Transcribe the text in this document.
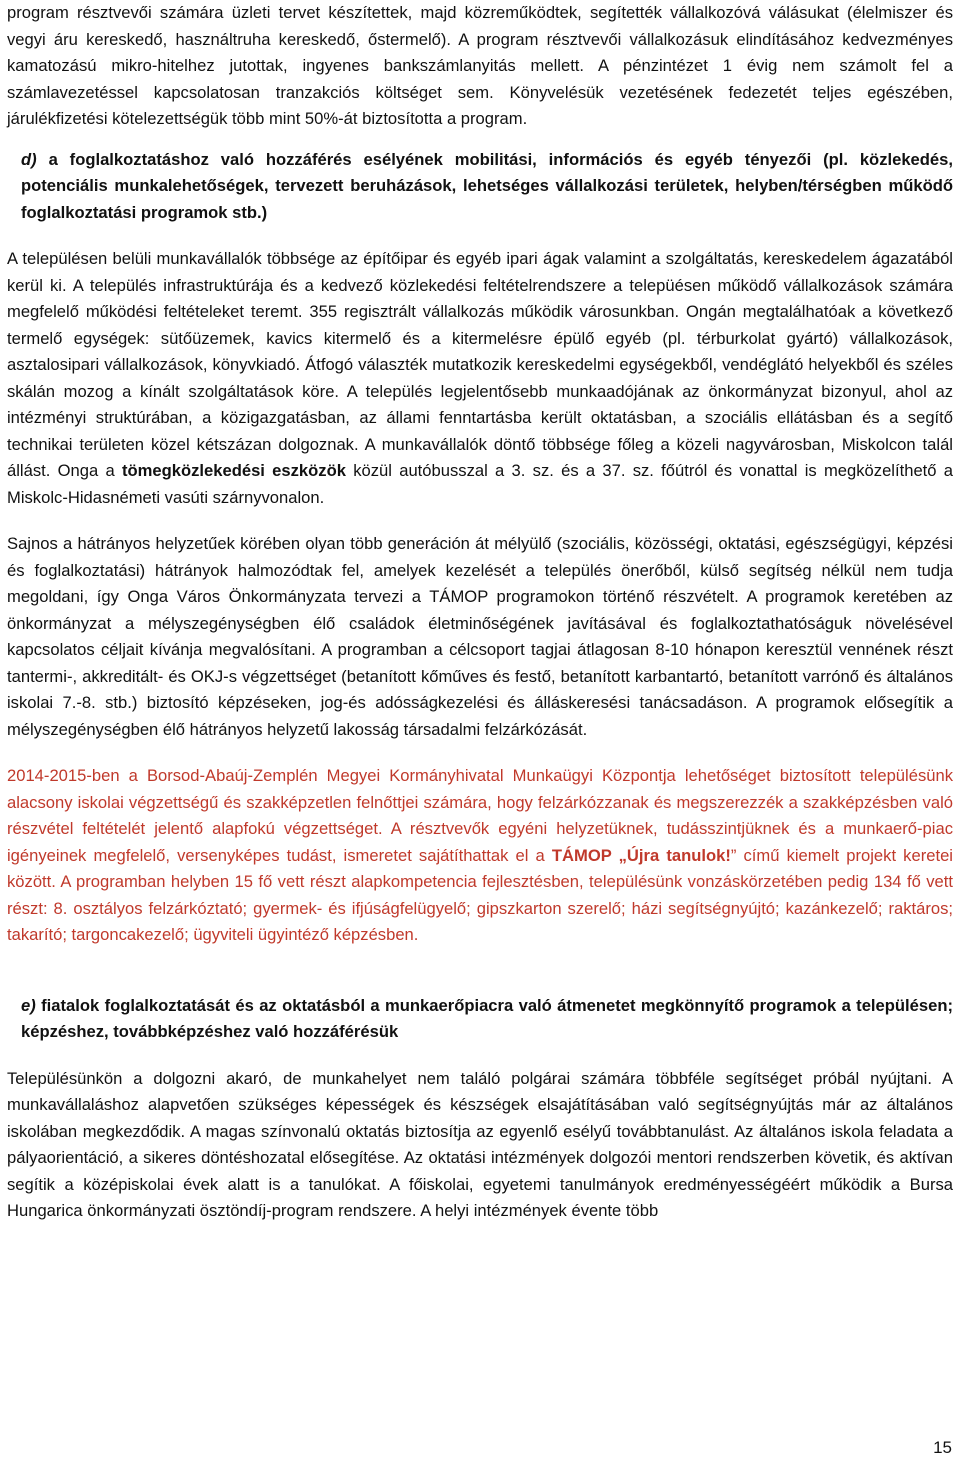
program résztvevői számára üzleti tervet készítettek, majd közreműködtek, segítették vállalkozóvá válásukat (élelmiszer és vegyi áru kereskedő, használtruha kereskedő, őstermelő). A program résztvevői vállalkozásuk elindításához kedvezményes kamatozású mikro-hitelhez jutottak, ingyenes bankszámlanyitás mellett. A pénzintézet 1 évig nem számolt fel a számlavezetéssel kapcsolatosan tranzakciós költséget sem. Könyvelésük vezetésének fedezetét teljes egészében, járulékfizetési kötelezettségük több mint 50%-át biztosította a program.

d) a foglalkoztatáshoz való hozzáférés esélyének mobilitási, információs és egyéb tényezői (pl. közlekedés, potenciális munkalehetőségek, tervezett beruházások, lehetséges vállalkozási területek, helyben/térségben működő foglalkoztatási programok stb.)

A településen belüli munkavállalók többsége az építőipar és egyéb ipari ágak valamint a szolgáltatás, kereskedelem ágazatából kerül ki. A település infrastruktúrája és a kedvező közlekedési feltételrendszere a telepüésen működő vállalkozások számára megfelelő működési feltételeket teremt. 355 regisztrált vállalkozás működik városunkban. Ongán megtalálhatóak a következő termelő egységek: sütőüzemek, kavics kitermelő és a kitermelésre épülő egyéb (pl. térburkolat gyártó) vállalkozások, asztalosipari vállalkozások, könyvkiadó. Átfogó választék mutatkozik kereskedelmi egységekből, vendéglátó helyekből és széles skálán mozog a kínált szolgáltatások köre. A település legjelentősebb munkaadójának az önkormányzat bizonyul, ahol az intézményi struktúrában, a közigazgatásban, az állami fenntartásba került oktatásban, a szociális ellátásban és a segítő technikai területen közel kétszázan dolgoznak. A munkavállalók döntő többsége főleg a közeli nagyvárosban, Miskolcon talál állást. Onga a tömegközlekedési eszközök közül autóbusszal a 3. sz. és a 37. sz. főútról és vonattal is megközelíthető a Miskolc-Hidasnémeti vasúti szárnyvonalon.

Sajnos a hátrányos helyzetűek körében olyan több generáción át mélyülő (szociális, közösségi, oktatási, egészségügyi, képzési és foglalkoztatási) hátrányok halmozódtak fel, amelyek kezelését a település önerőből, külső segítség nélkül nem tudja megoldani, így Onga Város Önkormányzata tervezi a TÁMOP programokon történő részvételt. A programok keretében az önkormányzat a mélyszegénységben élő családok életminőségének javításával és foglalkoztathatóságuk növelésével kapcsolatos céljait kívánja megvalósítani. A programban a célcsoport tagjai átlagosan 8-10 hónapon keresztül vennének részt tantermi-, akkreditált- és OKJ-s végzettséget (betanított kőműves és festő, betanított karbantartó, betanított varrónő és általános iskolai 7.-8. stb.) biztosító képzéseken, jog-és adósságkezelési és álláskeresési tanácsadáson. A programok elősegítik a mélyszegénységben élő hátrányos helyzetű lakosság társadalmi felzárkózását.

2014-2015-ben a Borsod-Abaúj-Zemplén Megyei Kormányhivatal Munkaügyi Központja lehetőséget biztosított településünk alacsony iskolai végzettségű és szakképzetlen felnőttjei számára, hogy felzárkózzanak és megszerezzék a szakképzésben való részvétel feltételét jelentő alapfokú végzettséget. A résztvevők egyéni helyzetüknek, tudásszintjüknek és a munkaerő-piac igényeinek megfelelő, versenyképes tudást, ismeretet sajátíthattak el a TÁMOP „Újra tanulok!” című kiemelt projekt keretei között. A programban helyben 15 fő vett részt alapkompetencia fejlesztésben, településünk vonzáskörzetében pedig 134 fő vett részt: 8. osztályos felzárkóztató; gyermek- és ifjúságfelügyelő; gipszkarton szerelő; házi segítségnyújtó; kazánkezelő; raktáros; takarító; targoncakezelő; ügyviteli ügyintéző képzésben.

e) fiatalok foglalkoztatását és az oktatásból a munkaerőpiacra való átmenetet megkönnyítő programok a településen; képzéshez, továbbképzéshez való hozzáférésük

Településünkön a dolgozni akaró, de munkahelyet nem találó polgárai számára többféle segítséget próbál nyújtani. A munkavállaláshoz alapvetően szükséges képességek és készségek elsajátításában való segítségnyújtás már az általános iskolában megkezdődik. A magas színvonalú oktatás biztosítja az egyenlő esélyű továbbtanulást. Az általános iskola feladata a pályaorientáció, a sikeres döntéshozatal elősegítése. Az oktatási intézmények dolgozói mentori rendszerben követik, és aktívan segítik a középiskolai évek alatt is a tanulókat. A főiskolai, egyetemi tanulmányok eredményességéért működik a Bursa Hungarica önkormányzati ösztöndíj-program rendszere. A helyi intézmények évente több

15
